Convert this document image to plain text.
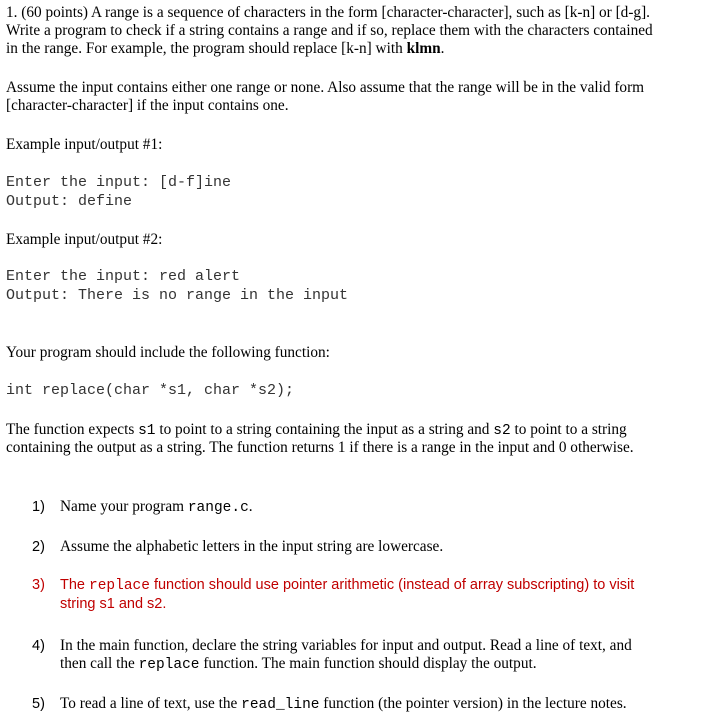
1. (60 points) A range is a sequence of characters in the form [character-character], such as [k-n] or [d-g].

Write a program to check if a string contains a range and if so, replace them with the characters contained

in the range. For example, the program should replace [k-n] with klmn.

Assume the input contains either one range or none. Also assume that the range will be in the valid form

[character-character] if the input contains one.

Example input/output #1:

Enter the input: [d-f]ine

Output: define

Example input/output #2:

Enter the input: red alert

Output: There is no range in the input

Your program should include the following function:

int replace(char *s1, char *s2);

The function expects s1 to point to a string containing the input as a string and s2 to point to a string

containing the output as a string. The function returns 1 if there is a range in the input and 0 otherwise.

1) Name your program range.c.
2) Assume the alphabetic letters in the input string are lowercase.
3) The replace function should use pointer arithmetic (instead of array subscripting) to visit
string s1 and s2.
4) In the main function, declare the string variables for input and output. Read a line of text, and
then call the replace function. The main function should display the output.
5) To read a line of text, use the read_line function (the pointer version) in the lecture notes.
